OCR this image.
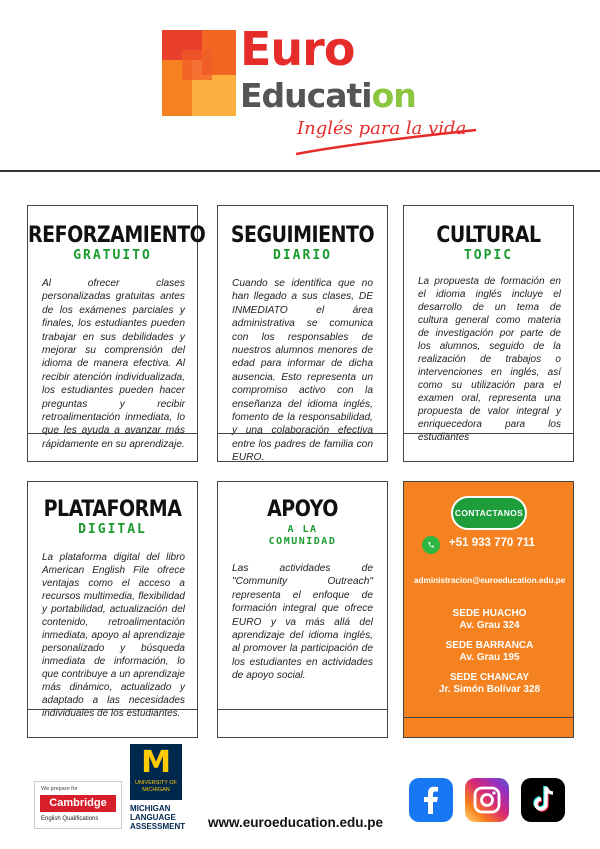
Euro
Education
Inglés para la vida
REFORZAMIENTO
GRATUITO
Al ofrecer clases personalizadas gratuitas antes de los exámenes parciales y finales, los estudiantes pueden trabajar en sus debilidades y mejorar su comprensión del idioma de manera efectiva. Al recibir atención individualizada, los estudiantes pueden hacer preguntas y recibir retroalimentación inmediata, lo que les ayuda a avanzar más rápidamente en su aprendizaje.
SEGUIMIENTO
DIARIO
Cuando se identifica que no han llegado a sus clases, DE INMEDIATO el área administrativa se comunica con los responsables de nuestros alumnos menores de edad para informar de dicha ausencia. Esto representa un compromiso activo con la enseñanza del idioma inglés, fomento de la responsabilidad, y una colaboración efectiva entre los padres de familia con EURO.
CULTURAL
TOPIC
La propuesta de formación en el idioma inglés incluye el desarrollo de un tema de cultura general como materia de investigación por parte de los alumnos, seguido de la realización de trabajos o intervenciones en inglés, así como su utilización para el examen oral, representa una propuesta de valor integral y enriquecedora para los estudiantes
PLATAFORMA
DIGITAL
La plataforma digital del libro American English File ofrece ventajas como el acceso a recursos multimedia, flexibilidad y portabilidad, actualización del contenido, retroalimentación inmediata, apoyo al aprendizaje personalizado y búsqueda inmediata de información, lo que contribuye a un aprendizaje más dinámico, actualizado y adaptado a las necesidades individuales de los estudiantes.
APOYO
A LA
COMUNIDAD
Las actividades de "Community Outreach" representa el enfoque de formación integral que ofrece EURO y va más allá del aprendizaje del idioma inglés, al promover la participación de los estudiantes en actividades de apoyo social.
CONTACTANOS
+51 933 770 711
administracion@euroeducation.edu.pe
SEDE HUACHO
Av. Grau 324
SEDE BARRANCA
Av. Grau 195
SEDE CHANCAY
Jr. Simón Bolívar 328
We prepare for
Cambridge
English Qualifications
M
UNIVERSITY OF MICHIGAN
MICHIGAN LANGUAGE ASSESSMENT www.euroeducation.edu.pe
